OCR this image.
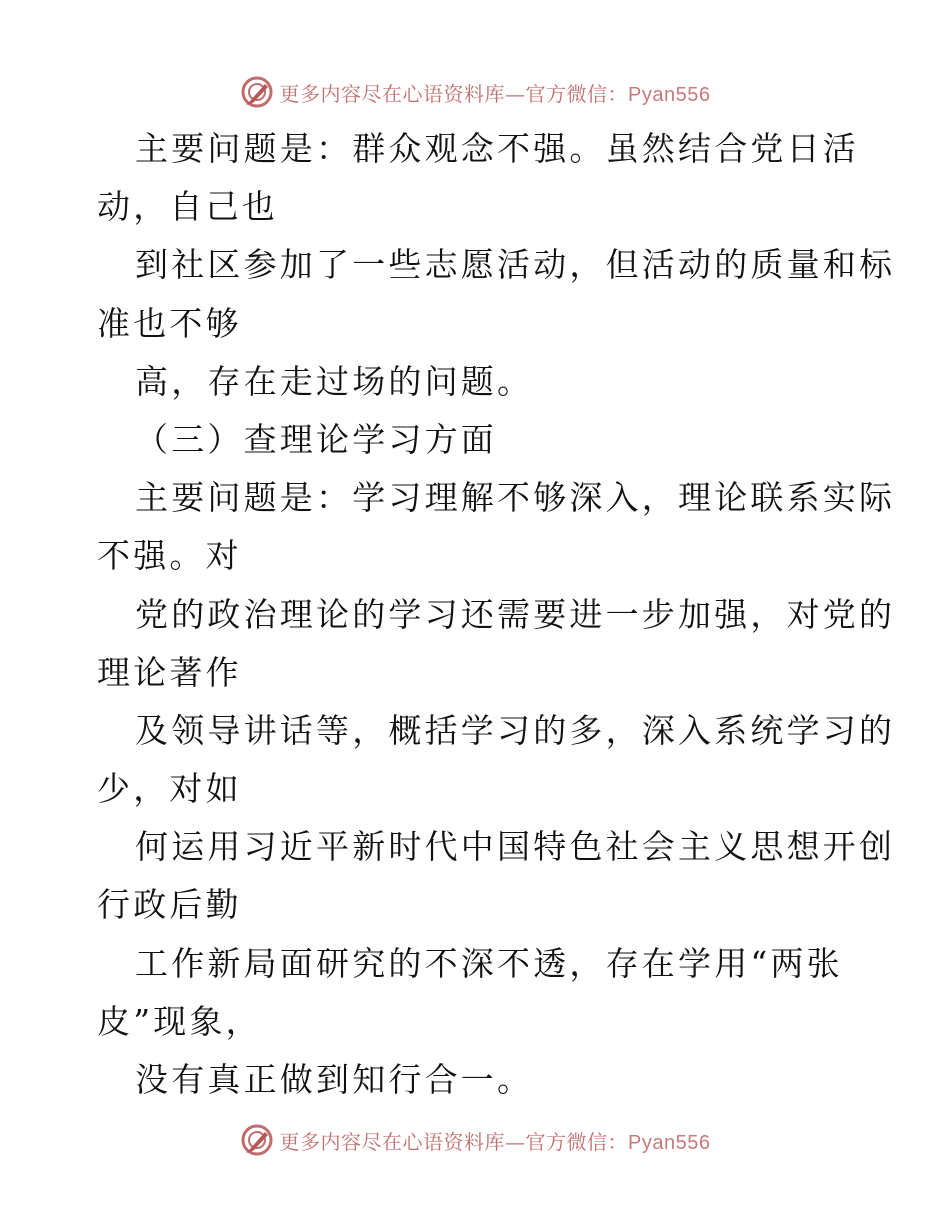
更多内容尽在心语资料库—官方微信：Pyan556
主要问题是：群众观念不强。虽然结合党日活
动，自己也
到社区参加了一些志愿活动，但活动的质量和标
准也不够
高，存在走过场的问题。
（三）查理论学习方面
主要问题是：学习理解不够深入，理论联系实际
不强。对
党的政治理论的学习还需要进一步加强，对党的
理论著作
及领导讲话等，概括学习的多，深入系统学习的
少，对如
何运用习近平新时代中国特色社会主义思想开创
行政后勤
工作新局面研究的不深不透，存在学用“两张
皮”现象，
没有真正做到知行合一。
更多内容尽在心语资料库—官方微信：Pyan556
